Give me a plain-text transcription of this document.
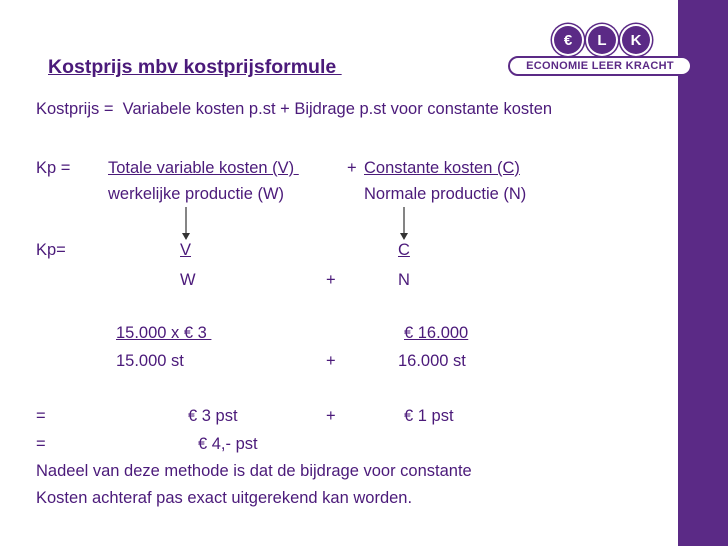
Kostprijs mbv kostprijsformule
€	L	K
ECONOMIE LEER KRACHT
Kostprijs =  Variabele kosten p.st + Bijdrage p.st voor constante kosten
Kp = Totale variable kosten (V)	+ Constante kosten (C)
werkelijke productie (W)	Normale productie (N)
Kp=	V	C
W	+	N
15.000 x € 3	€ 16.000
15.000 st	+	16.000 st
=	€ 3 pst	+	€ 1 pst
=	€ 4,- pst
Nadeel van deze methode is dat de bijdrage voor constante
Kosten achteraf pas exact uitgerekend kan worden.
